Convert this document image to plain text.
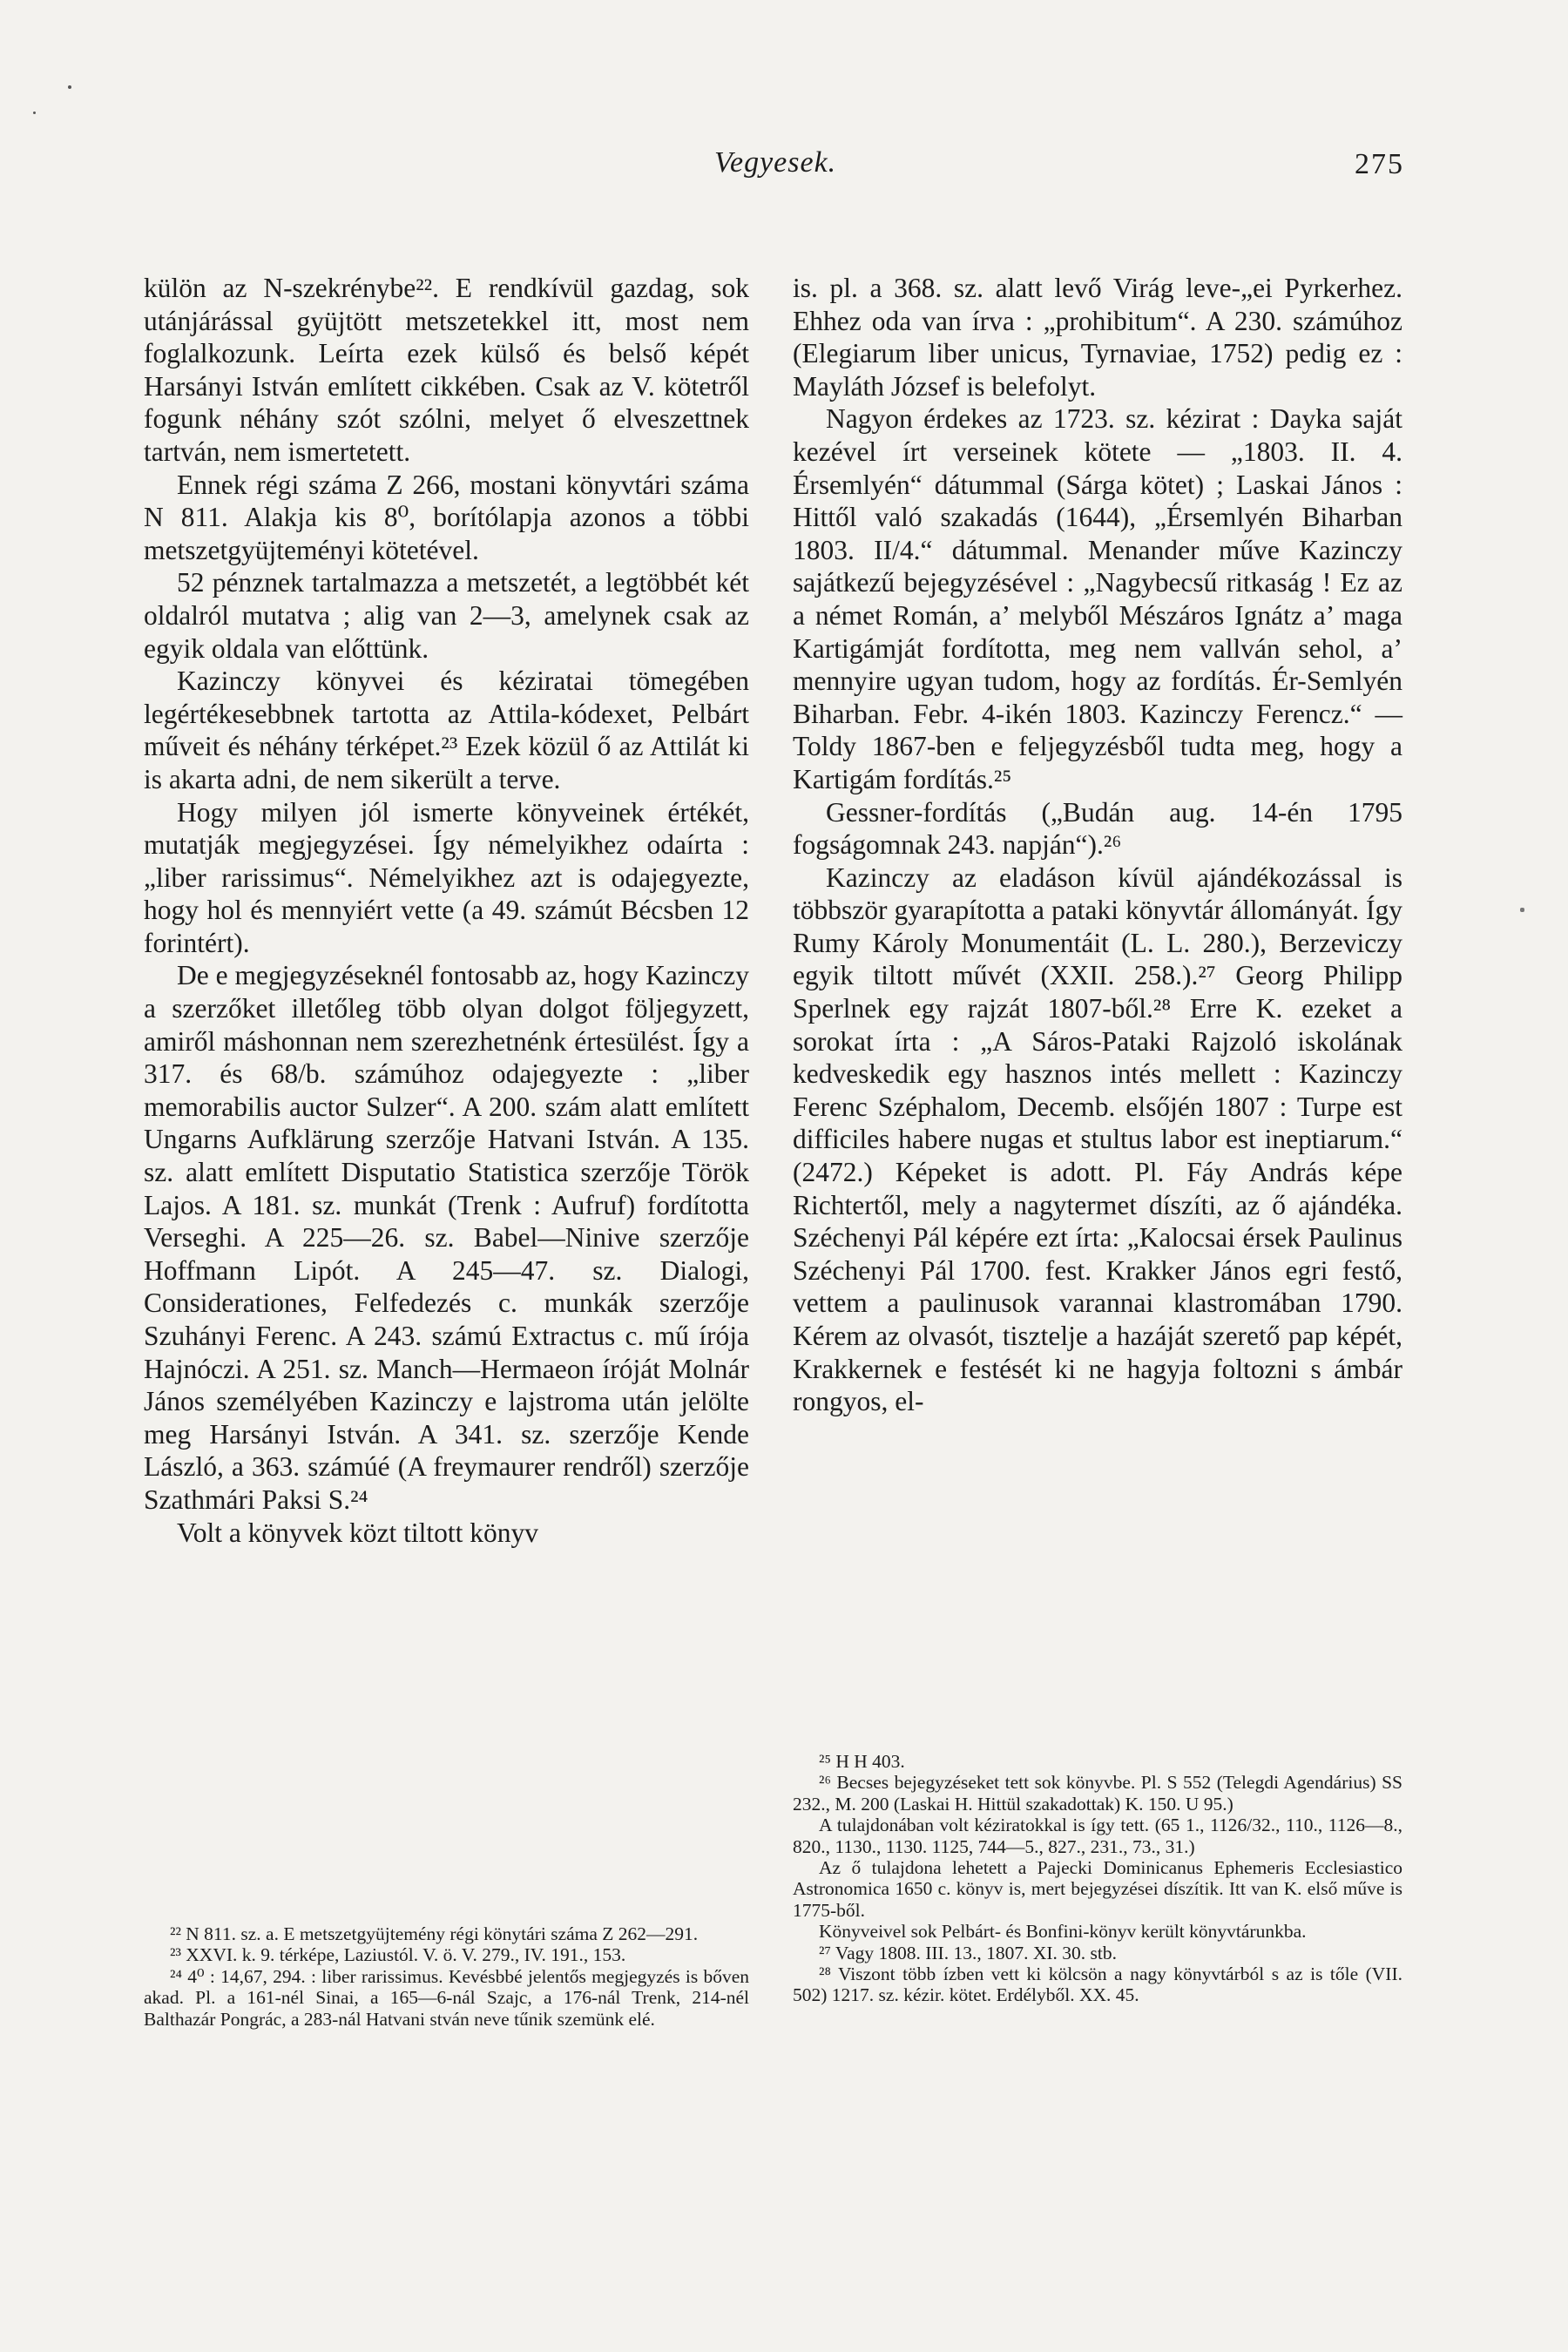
Vegyesek.	275

külön az N-szekrénybe²². E rendkívül gazdag, sok utánjárással gyüjtött metszetekkel itt, most nem foglalkozunk. Leírta ezek külső és belső képét Harsányi István említett cikkében. Csak az V. kötetről fogunk néhány szót szólni, melyet ő elveszettnek tartván, nem ismertetett.

Ennek régi száma Z 266, mostani könyvtári száma N 811. Alakja kis 8⁰, borítólapja azonos a többi metszetgyüjteményi kötetével.

52 pénznek tartalmazza a metszetét, a legtöbbét két oldalról mutatva ; alig van 2—3, amelynek csak az egyik oldala van előttünk.

Kazinczy könyvei és kéziratai tömegében legértékesebbnek tartotta az Attila-kódexet, Pelbárt műveit és néhány térképet.²³ Ezek közül ő az Attilát ki is akarta adni, de nem sikerült a terve.

Hogy milyen jól ismerte könyveinek értékét, mutatják megjegyzései. Így némelyikhez odaírta : „liber rarissimus“. Némelyikhez azt is odajegyezte, hogy hol és mennyiért vette (a 49. számút Bécsben 12 forintért).

De e megjegyzéseknél fontosabb az, hogy Kazinczy a szerzőket illetőleg több olyan dolgot följegyzett, amiről máshonnan nem szerezhetnénk értesülést. Így a 317. és 68/b. számúhoz odajegyezte : „liber memorabilis auctor Sulzer“. A 200. szám alatt említett Ungarns Aufklärung szerzője Hatvani István. A 135. sz. alatt említett Disputatio Statistica szerzője Török Lajos. A 181. sz. munkát (Trenk : Aufruf) fordította Verseghi. A 225—26. sz. Babel—Ninive szerzője Hoffmann Lipót. A 245—47. sz. Dialogi, Considerationes, Felfedezés c. munkák szerzője Szuhányi Ferenc. A 243. számú Extractus c. mű írója Hajnóczi. A 251. sz. Manch—Hermaeon íróját Molnár János személyében Kazinczy e lajstroma után jelölte meg Harsányi István. A 341. sz. szerzője Kende László, a 363. számúé (A freymaurer rendről) szerzője Szathmári Paksi S.²⁴

Volt a könyvek közt tiltott könyv

is. pl. a 368. sz. alatt levő Virág leve-„ei Pyrkerhez. Ehhez oda van írva : „prohibitum“. A 230. számúhoz (Elegiarum liber unicus, Tyrnaviae, 1752) pedig ez : Mayláth József is belefolyt.

Nagyon érdekes az 1723. sz. kézirat : Dayka saját kezével írt verseinek kötete — „1803. II. 4. Érsemlyén“ dátummal (Sárga kötet) ; Laskai János : Hittől való szakadás (1644), „Érsemlyén Biharban 1803. II/4.“ dátummal. Menander műve Kazinczy sajátkezű bejegyzésével : „Nagybecsű ritkaság ! Ez az a német Román, a’ melyből Mészáros Ignátz a’ maga Kartigámját fordította, meg nem vallván sehol, a’ mennyire ugyan tudom, hogy az fordítás. Ér-Semlyén Biharban. Febr. 4-ikén 1803. Kazinczy Ferencz.“ — Toldy 1867-ben e feljegyzésből tudta meg, hogy a Kartigám fordítás.²⁵

Gessner-fordítás („Budán aug. 14-én 1795 fogságomnak 243. napján“).²⁶

Kazinczy az eladáson kívül ajándékozással is többször gyarapította a pataki könyvtár állományát. Így Rumy Károly Monumentáit (L. L. 280.), Berzeviczy egyik tiltott művét (XXII. 258.).²⁷ Georg Philipp Sperlnek egy rajzát 1807-ből.²⁸ Erre K. ezeket a sorokat írta : „A Sáros-Pataki Rajzoló iskolának kedveskedik egy hasznos intés mellett : Kazinczy Ferenc Széphalom, Decemb. elsőjén 1807 : Turpe est difficiles habere nugas et stultus labor est ineptiarum.“ (2472.) Képeket is adott. Pl. Fáy András képe Richtertől, mely a nagytermet díszíti, az ő ajándéka. Széchenyi Pál képére ezt írta: „Kalocsai érsek Paulinus Széchenyi Pál 1700. fest. Krakker János egri festő, vettem a paulinusok varannai klastromában 1790. Kérem az olvasót, tisztelje a hazáját szerető pap képét, Krakkernek e festését ki ne hagyja foltozni s ámbár rongyos, el-

²² N 811. sz. a. E metszetgyüjtemény régi könytári száma Z 262—291.

²³ XXVI. k. 9. térképe, Laziustól. V. ö. V. 279., IV. 191., 153.

²⁴ 4⁰ : 14,67, 294. : liber rarissimus. Kevésbbé jelentős megjegyzés is bőven akad. Pl. a 161-nél Sinai, a 165—6-nál Szajc, a 176-nál Trenk, 214-nél Balthazár Pongrác, a 283-nál Hatvani stván neve tűnik szemünk elé.

²⁵ H H 403.

²⁶ Becses bejegyzéseket tett sok könyvbe. Pl. S 552 (Telegdi Agendárius) SS 232., M. 200 (Laskai H. Hittül szakadottak) K. 150. U 95.)

A tulajdonában volt kéziratokkal is így tett. (65 1., 1126/32., 110., 1126—8., 820., 1130., 1130. 1125, 744—5., 827., 231., 73., 31.)

Az ő tulajdona lehetett a Pajecki Dominicanus Ephemeris Ecclesiastico Astronomica 1650 c. könyv is, mert bejegyzései díszítik. Itt van K. első műve is 1775-ből.

Könyveivel sok Pelbárt- és Bonfini-könyv került könyvtárunkba.

²⁷ Vagy 1808. III. 13., 1807. XI. 30. stb.

²⁸ Viszont több ízben vett ki kölcsön a nagy könyvtárból s az is tőle (VII. 502) 1217. sz. kézir. kötet. Erdélyből. XX. 45.
